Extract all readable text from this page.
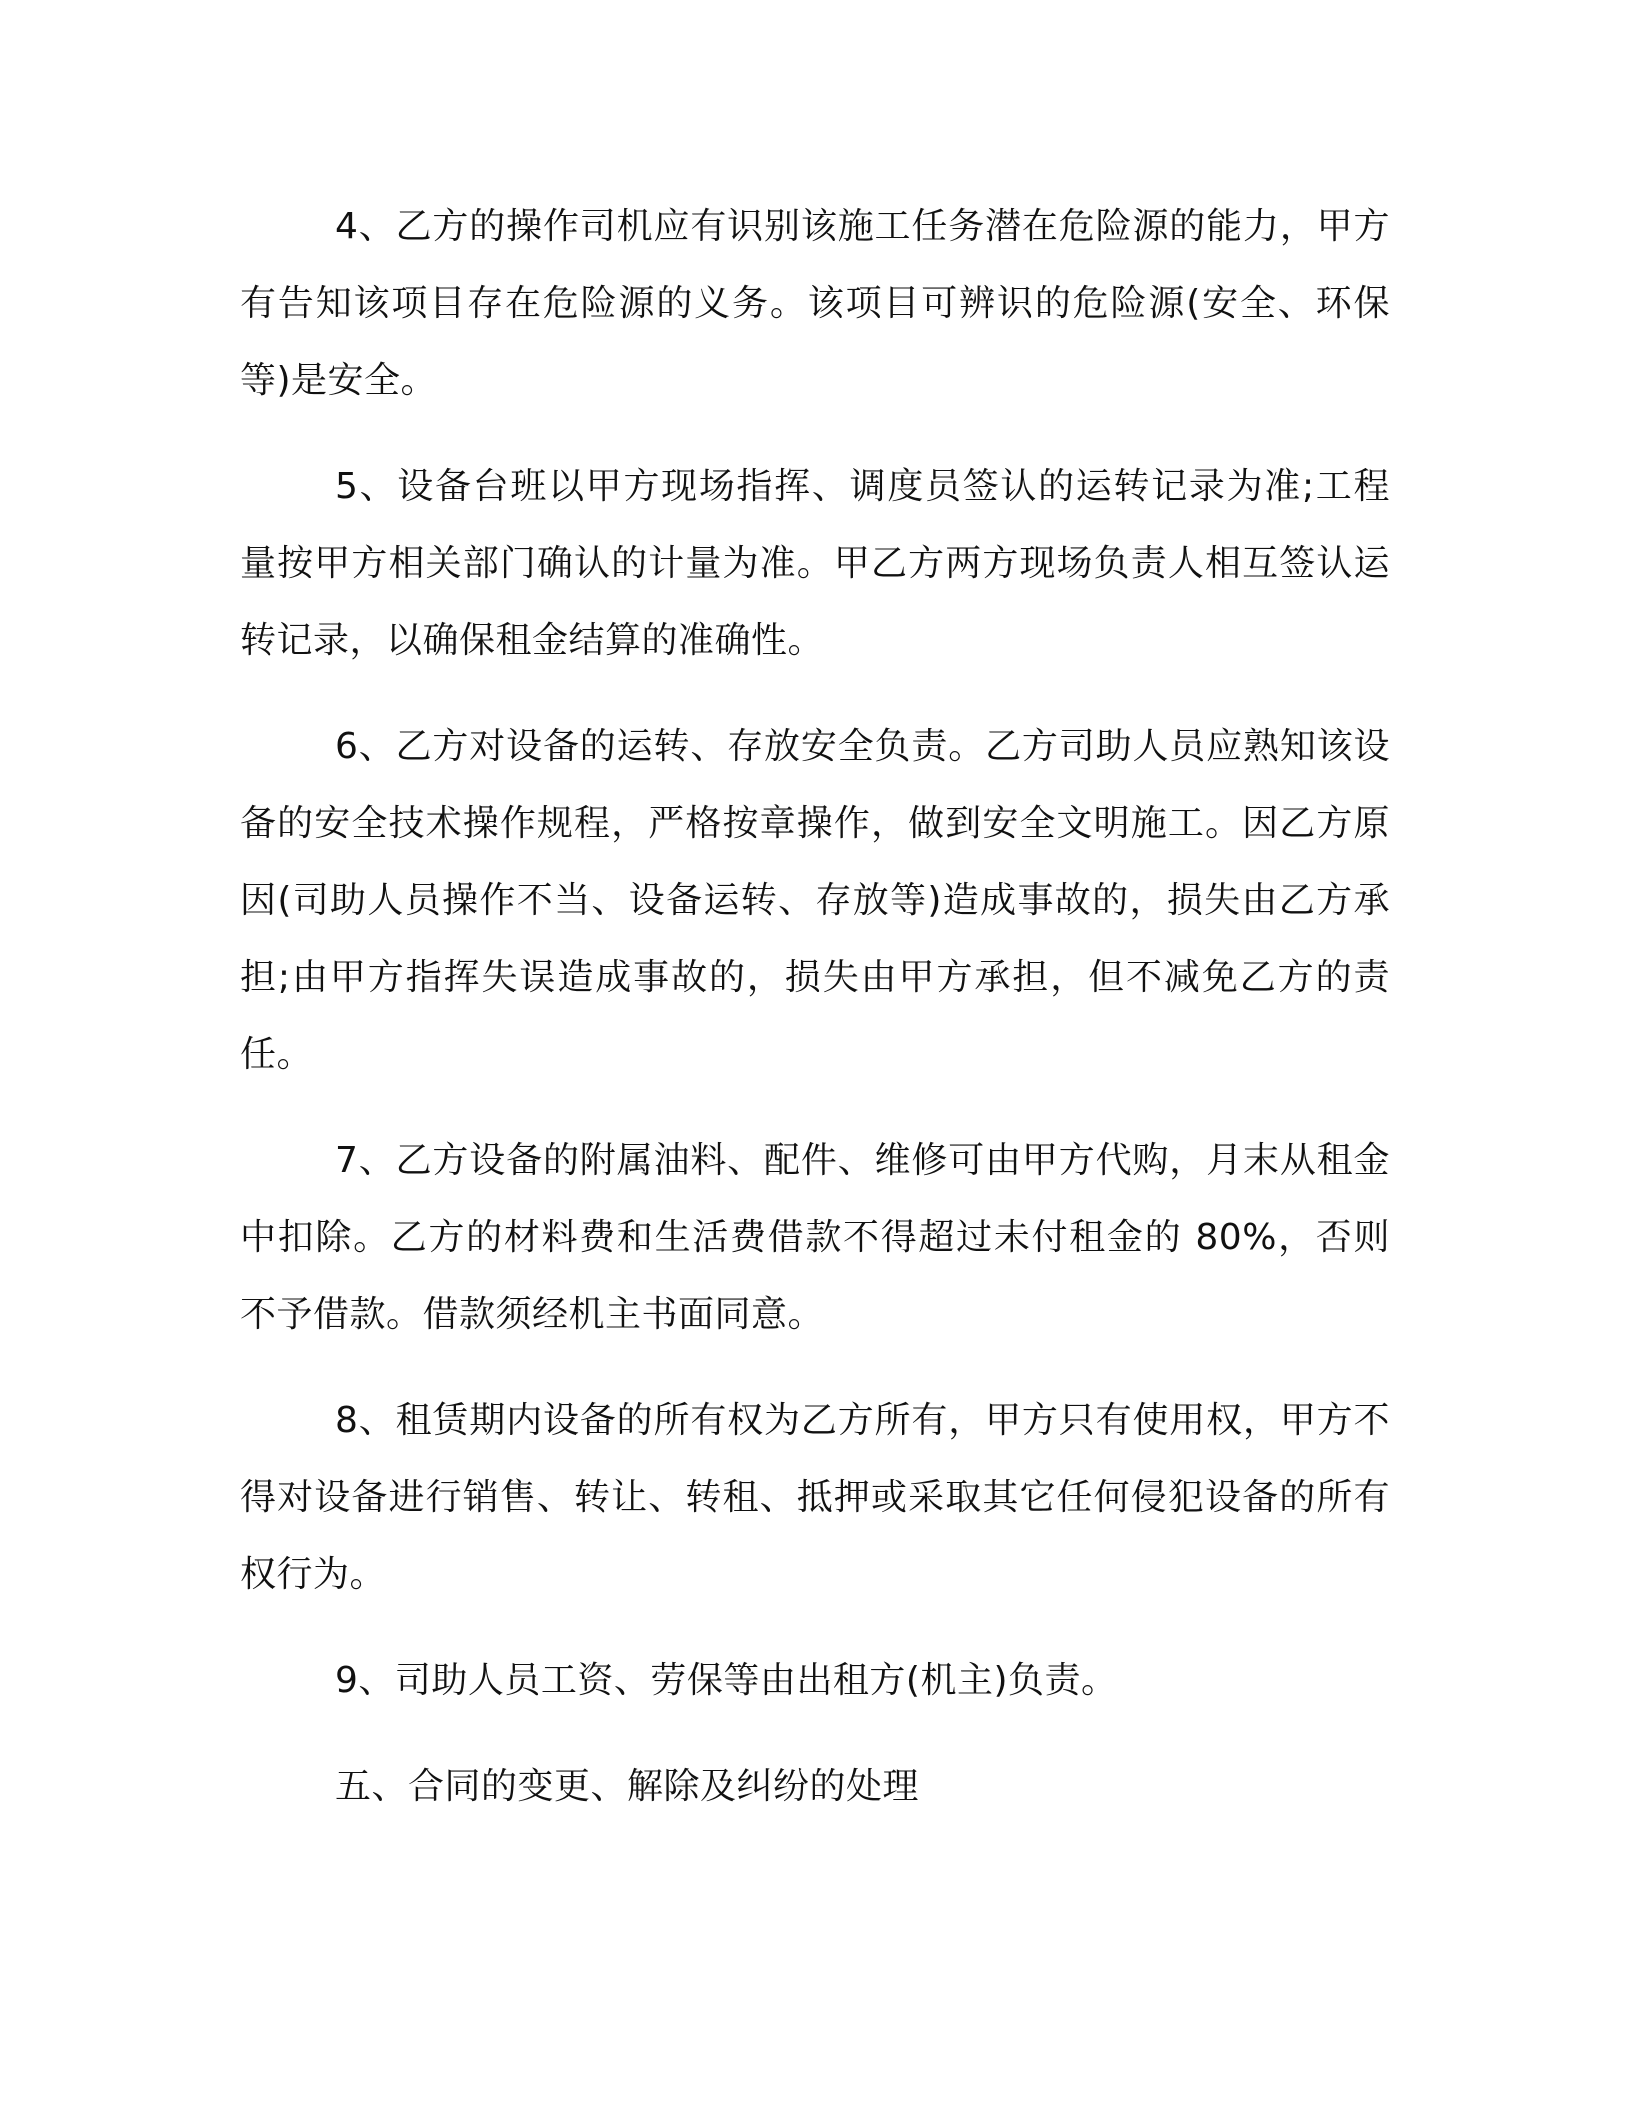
4、乙方的操作司机应有识别该施工任务潜在危险源的能力，甲方有告知该项目存在危险源的义务。该项目可辨识的危险源(安全、环保等)是安全。

5、设备台班以甲方现场指挥、调度员签认的运转记录为准;工程量按甲方相关部门确认的计量为准。甲乙方两方现场负责人相互签认运转记录，以确保租金结算的准确性。

6、乙方对设备的运转、存放安全负责。乙方司助人员应熟知该设备的安全技术操作规程，严格按章操作，做到安全文明施工。因乙方原因(司助人员操作不当、设备运转、存放等)造成事故的，损失由乙方承担;由甲方指挥失误造成事故的，损失由甲方承担，但不减免乙方的责任。

7、乙方设备的附属油料、配件、维修可由甲方代购，月末从租金中扣除。乙方的材料费和生活费借款不得超过未付租金的 80%，否则不予借款。借款须经机主书面同意。

8、租赁期内设备的所有权为乙方所有，甲方只有使用权，甲方不得对设备进行销售、转让、转租、抵押或采取其它任何侵犯设备的所有权行为。

9、司助人员工资、劳保等由出租方(机主)负责。

五、合同的变更、解除及纠纷的处理
